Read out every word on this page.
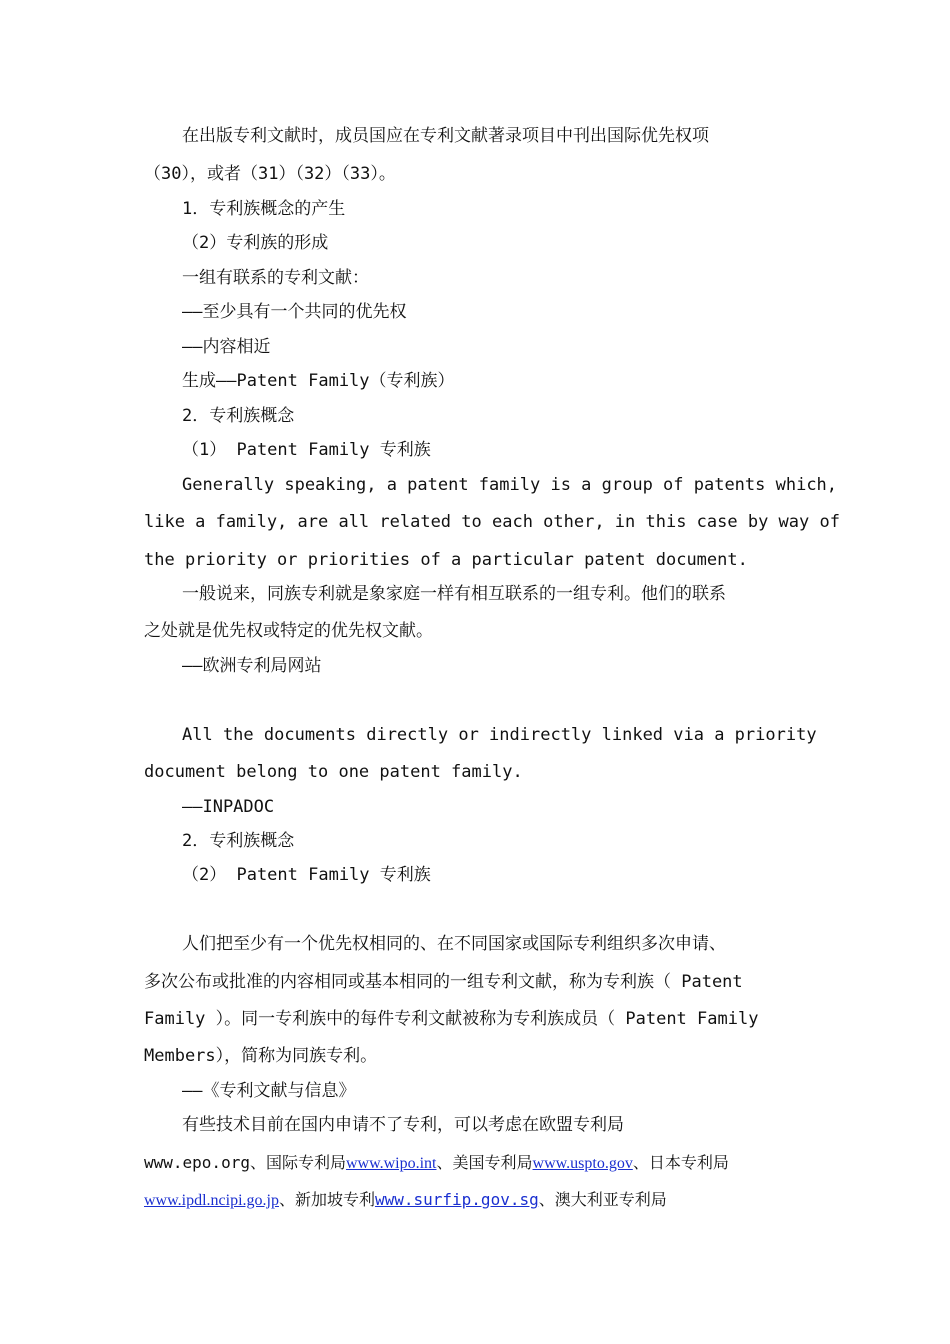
在出版专利文献时，成员国应在专利文献著录项目中刊出国际优先权项
（30），或者（31）（32）（33）。
1．专利族概念的产生
（2）专利族的形成
一组有联系的专利文献：
——至少具有一个共同的优先权
——内容相近
生成——Patent Family（专利族）
2．专利族概念
（1） Patent Family 专利族
Generally speaking, a patent family is a group of patents which,
like a family, are all related to each other, in this case by way of
the priority or priorities of a particular patent document.
一般说来，同族专利就是象家庭一样有相互联系的一组专利。他们的联系
之处就是优先权或特定的优先权文献。
——欧洲专利局网站
All the documents directly or indirectly linked via a priority
document belong to one patent family.
——INPADOC
2．专利族概念
（2） Patent Family 专利族
人们把至少有一个优先权相同的、在不同国家或国际专利组织多次申请、
多次公布或批准的内容相同或基本相同的一组专利文献，称为专利族（ Patent
Family ）。同一专利族中的每件专利文献被称为专利族成员（ Patent Family
Members），简称为同族专利。
——《专利文献与信息》
有些技术目前在国内申请不了专利，可以考虑在欧盟专利局
www.epo.org、国际专利局www.wipo.int、美国专利局www.uspto.gov、日本专利局
www.ipdl.ncipi.go.jp、新加坡专利www.surfip.gov.sg、澳大利亚专利局
